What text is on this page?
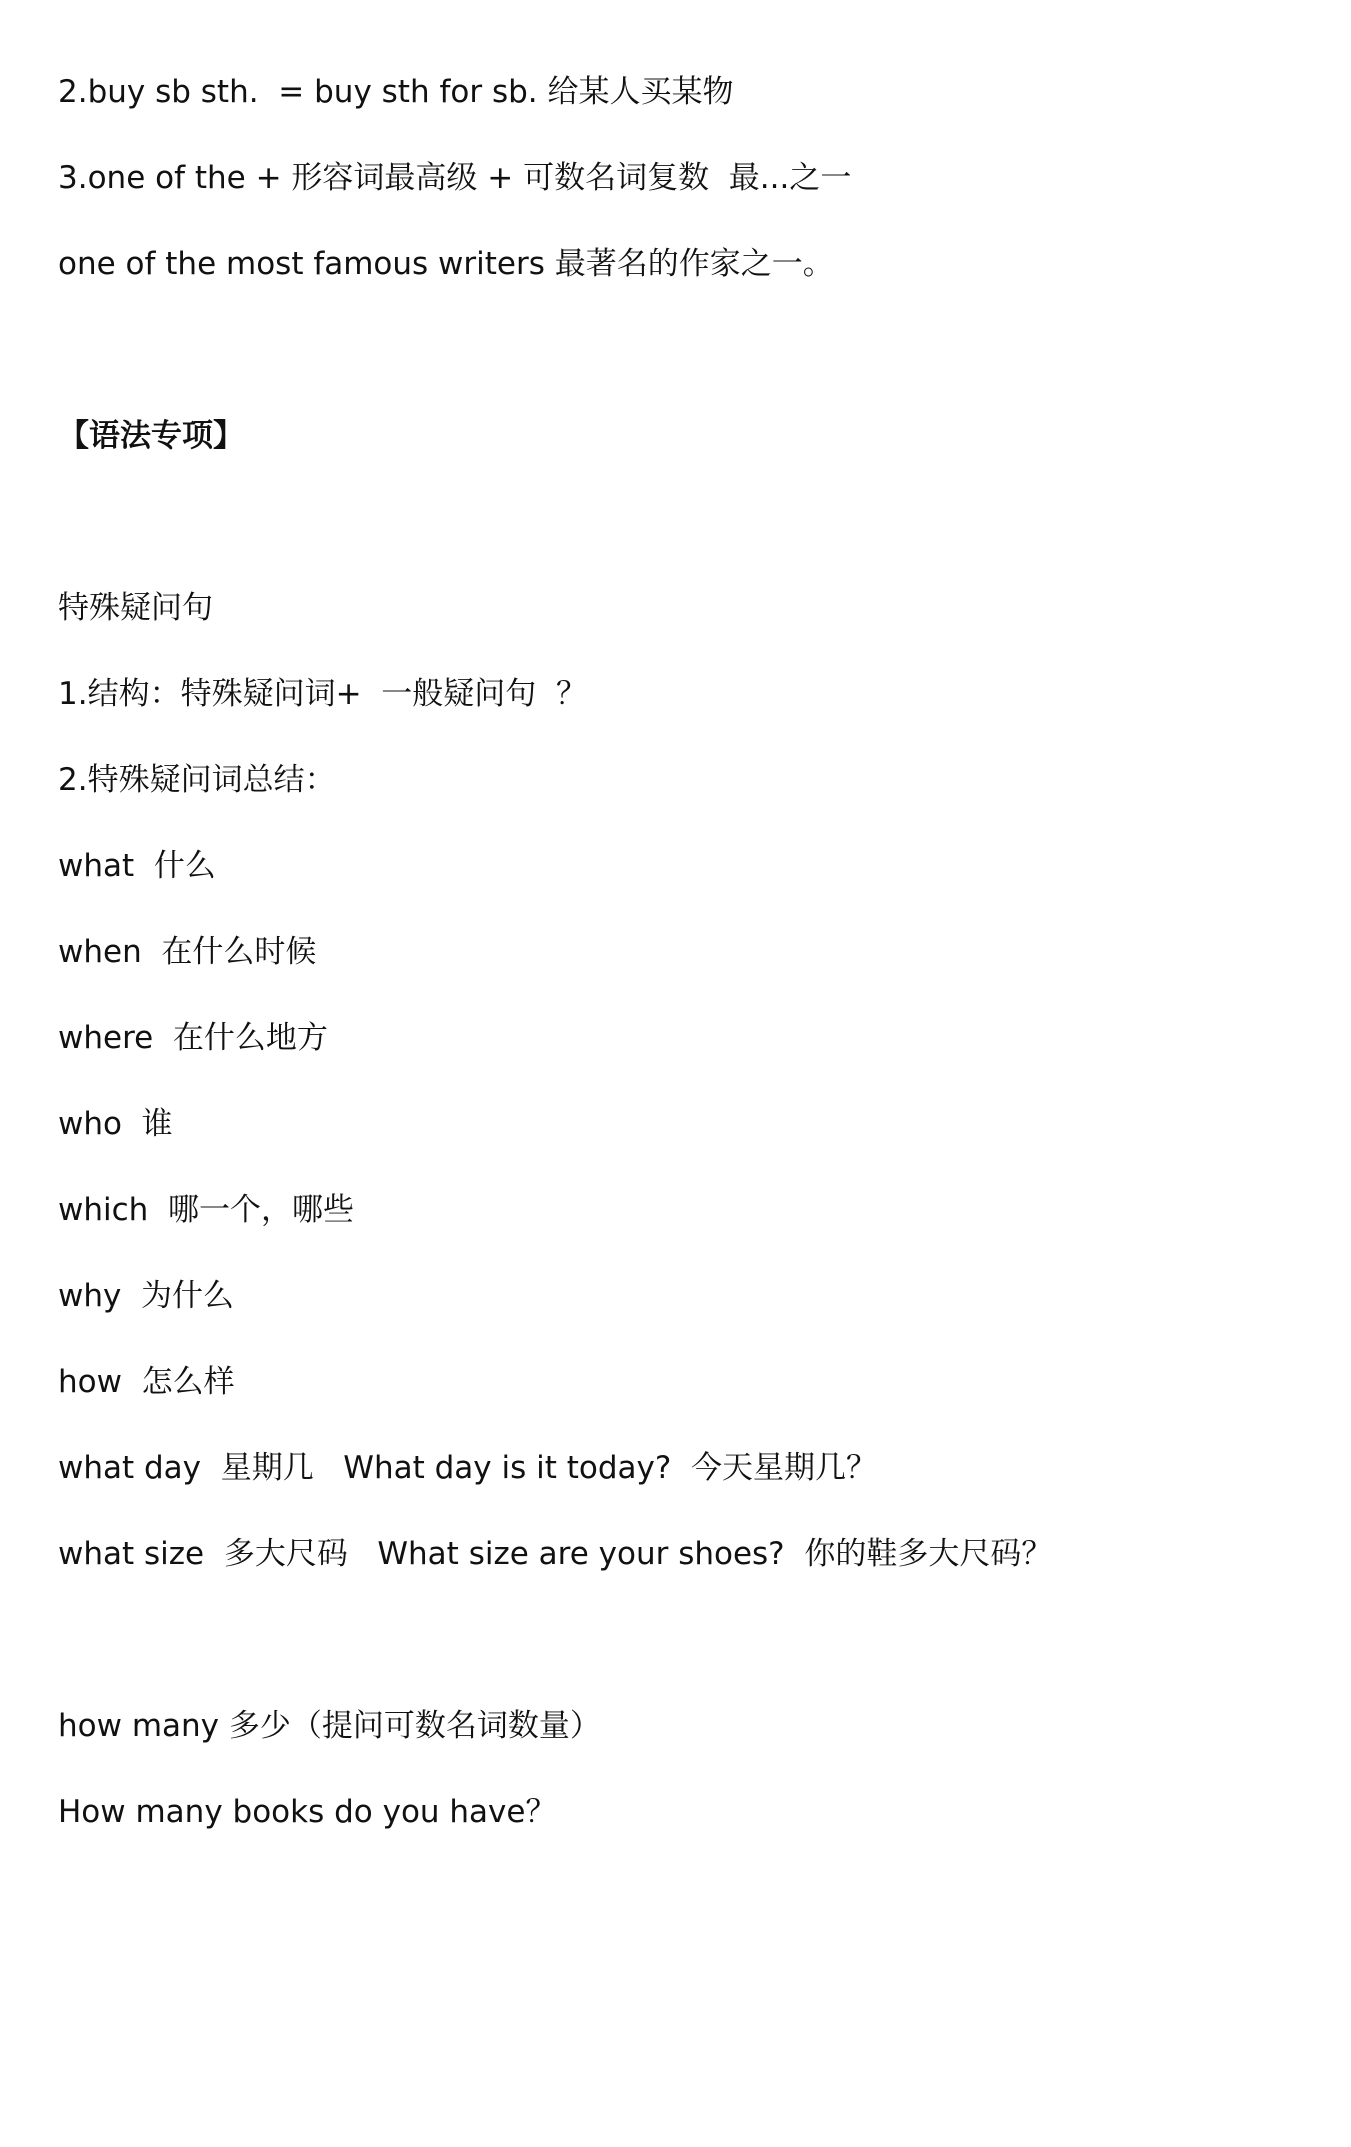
2.buy sb sth.  = buy sth for sb. 给某人买某物
3.one of the + 形容词最高级 + 可数名词复数  最...之一
one of the most famous writers 最著名的作家之一。
【语法专项】
特殊疑问句
1.结构：特殊疑问词+  一般疑问句  ？
2.特殊疑问词总结：
what  什么
when  在什么时候
where  在什么地方
who  谁
which  哪一个，哪些
why  为什么
how  怎么样
what day  星期几   What day is it today?  今天星期几？
what size  多大尺码   What size are your shoes?  你的鞋多大尺码？
how many 多少（提问可数名词数量）
How many books do you have？
